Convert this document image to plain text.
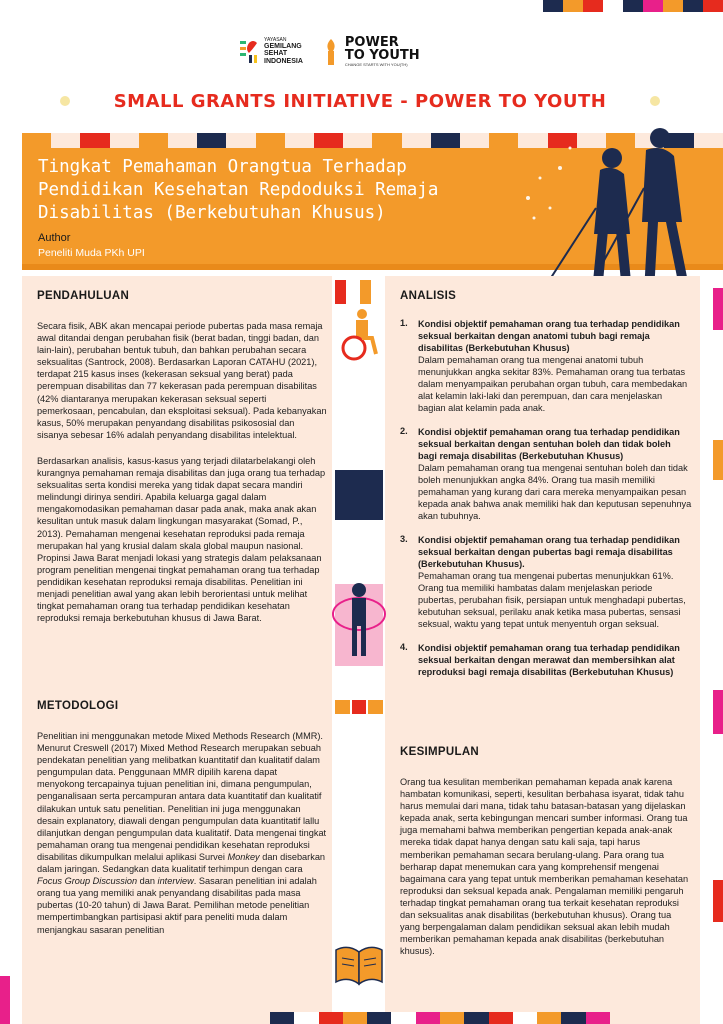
YAYASAN
GEMILANG
SEHAT
INDONESIA
POWER
TO YOUTH
CHANGE STARTS WITH YOU(TH)
SMALL GRANTS INITIATIVE - POWER TO YOUTH
Tingkat Pemahaman Orangtua Terhadap
Pendidikan Kesehatan Repdoduksi Remaja
Disabilitas (Berkebutuhan Khusus)
Author
Peneliti Muda PKh UPI
PENDAHULUAN

Secara fisik, ABK akan mencapai periode pubertas pada masa remaja awal ditandai dengan perubahan fisik (berat badan, tinggi badan, dan lain-lain), perubahan bentuk tubuh, dan bahkan perubahan secara seksualitas (Santrock, 2008). Berdasarkan Laporan CATAHU (2021), terdapat 215 kasus inses (kekerasan seksual yang berat) pada perempuan disabilitas dan 77 kekerasan pada perempuan disabilitas (42% diantaranya merupakan kekerasan seksual seperti pemerkosaan, pencabulan, dan eksploitasi seksual). Pada kebanyakan kasus, 50% merupakan penyandang disabilitas psikososial dan sisanya sebesar 16% adalah penyandang disabilitas intelektual.

Berdasarkan analisis, kasus-kasus yang terjadi dilatarbelakangi oleh kurangnya pemahaman remaja disabilitas dan juga orang tua terhadap seksualitas serta kondisi mereka yang tidak dapat secara mandiri melindungi dirinya sendiri. Apabila keluarga gagal dalam mengakomodasikan pemahaman dasar pada anak, maka anak akan kesulitan untuk masuk dalam lingkungan masyarakat (Somad, P., 2013). Pemahaman mengenai kesehatan reproduksi pada remaja merupakan hal yang krusial dalam skala global maupun nasional. Propinsi Jawa Barat menjadi lokasi yang strategis dalam pelaksanaan program penelitian mengenai tingkat pemahaman orang tua terhadap pendidikan kesehatan reproduksi remaja disabilitas. Penelitian ini menjadi penelitian awal yang akan lebih berorientasi untuk melihat tingkat pemahaman orang tua terhadap pendidikan kesehatan reproduksi remaja berkebutuhan khusus di Jawa Barat.

METODOLOGI

Penelitian ini menggunakan metode Mixed Methods Research (MMR). Menurut Creswell (2017) Mixed Method Research merupakan sebuah pendekatan penelitian yang melibatkan kuantitatif dan kualitatif dalam pengumpulan data. Penggunaan MMR dipilih karena dapat menyokong tercapainya tujuan penelitian ini, dimana pengumpulan, penganalisaan serta percampuran antara data kuantitatif dan kualitatif dilakukan untuk satu penelitian. Penelitian ini juga menggunakan desain explanatory, diawali dengan pengumpulan data kuantitatif lallu dilanjutkan dengan pengumpulan data kualitatif. Data mengenai tingkat pemahaman orang tua mengenai pendidikan kesehatan reproduksi disabilitas dikumpulkan melalui aplikasi Survei Monkey dan disebarkan dalam jaringan. Sedangkan data kualitatif terhimpun dengan cara Focus Group Discussion dan interview. Sasaran penelitian ini adalah orang tua yang memiliki anak penyandang disabilitas pada masa pubertas (10-20 tahun) di Jawa Barat. Pemilihan metode penelitian mempertimbangkan partisipasi aktif para peneliti muda dalam menjangkau sasaran penelitian

ANALISIS
1.	Kondisi objektif pemahaman orang tua terhadap pendidikan seksual berkaitan dengan anatomi tubuh bagi remaja disabilitas (Berkebutuhan Khusus)
Dalam pemahaman orang tua mengenai anatomi tubuh menunjukkan angka sekitar 83%. Pemahaman orang tua terbatas dalam menyampaikan perubahan organ tubuh, cara membedakan alat kelamin laki-laki dan perempuan, dan cara menjelaskan bagian alat kelamin pada anak.
2.	Kondisi objektif pemahaman orang tua terhadap pendidikan seksual berkaitan dengan sentuhan boleh dan tidak boleh bagi remaja disabilitas (Berkebutuhan Khusus)
Dalam pemahaman orang tua mengenai sentuhan boleh dan tidak boleh menunjukkan angka 84%. Orang tua masih memiliki pemahaman yang kurang dari cara mereka menyampaikan pesan kepada anak bahwa anak memiliki hak dan keputusan sepenuhnya akan tubuhnya.
3.	Kondisi objektif pemahaman orang tua terhadap pendidikan seksual berkaitan dengan pubertas bagi remaja disabilitas (Berkebutuhan Khusus).
Pemahaman orang tua mengenai pubertas menunjukkan 61%. Orang tua memiliki hambatas dalam menjelaskan periode pubertas, perubahan fisik, persiapan untuk menghadapi pubertas, kebutuhan seksual, perilaku anak ketika masa pubertas, sensasi seksual, waktu yang tepat untuk menyentuh organ seksual.
4.	Kondisi objektif pemahaman orang tua terhadap pendidikan seksual berkaitan dengan merawat dan membersihkan alat reproduksi bagi remaja disabilitas (Berkebutuhan Khusus)
KESIMPULAN

Orang tua kesulitan memberikan pemahaman kepada anak karena hambatan komunikasi, seperti, kesulitan berbahasa isyarat, tidak tahu harus memulai dari mana, tidak tahu batasan-batasan yang dijelaskan kepada anak, serta kebingungan mencari sumber informasi. Orang tua juga memahami bahwa memberikan pengertian kepada anak-anak mereka tidak dapat hanya dengan satu kali saja, tapi harus memberikan pemahaman secara berulang-ulang. Para orang tua berharap dapat menemukan cara yang komprehensif mengenai bagaimana cara yang tepat untuk memberikan pemahaman kesehatan reproduksi dan seksual kepada anak. Pengalaman memiliki pengaruh terhadap tingkat pemahaman orang tua terkait kesehatan reproduksi dan seksualitas anak disabilitas (berkebutuhan khusus). Orang tua yang berpengalaman dalam pendidikan seksual akan lebih mudah memberikan pemahaman kepada anak disabilitas (berkebutuhan khusus).
